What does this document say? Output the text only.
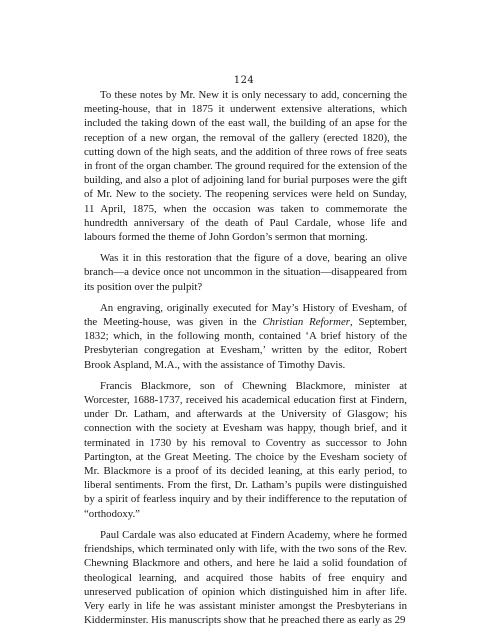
124

To these notes by Mr. New it is only necessary to add, concerning the meeting-house, that in 1875 it underwent extensive alterations, which included the taking down of the east wall, the building of an apse for the reception of a new organ, the removal of the gallery (erected 1820), the cutting down of the high seats, and the addition of three rows of free seats in front of the organ chamber. The ground required for the extension of the building, and also a plot of adjoining land for burial purposes were the gift of Mr. New to the society. The reopening services were held on Sunday, 11 April, 1875, when the occasion was taken to commemorate the hundredth anniversary of the death of Paul Cardale, whose life and labours formed the theme of John Gordon’s sermon that morning.

Was it in this restoration that the figure of a dove, bearing an olive branch—a device once not uncommon in the situation—disappeared from its position over the pulpit?

An engraving, originally executed for May’s History of Evesham, of the Meeting-house, was given in the Christian Reformer, September, 1832; which, in the following month, contained ‘A brief history of the Presbyterian congregation at Evesham,’ written by the editor, Robert Brook Aspland, M.A., with the assistance of Timothy Davis.

Francis Blackmore, son of Chewning Blackmore, minister at Worcester, 1688-1737, received his academical education first at Findern, under Dr. Latham, and afterwards at the University of Glasgow; his connection with the society at Evesham was happy, though brief, and it terminated in 1730 by his removal to Coventry as successor to John Partington, at the Great Meeting. The choice by the Evesham society of Mr. Blackmore is a proof of its decided leaning, at this early period, to liberal sentiments. From the first, Dr. Latham’s pupils were distinguished by a spirit of fearless inquiry and by their indifference to the reputation of “orthodoxy.”

Paul Cardale was also educated at Findern Academy, where he formed friendships, which terminated only with life, with the two sons of the Rev. Chewning Blackmore and others, and here he laid a solid foundation of theological learning, and acquired those habits of free enquiry and unreserved publication of opinion which distinguished him in after life. Very early in life he was assistant minister amongst the Presbyterians in Kidderminster. His manuscripts show that he preached there as early as 29
